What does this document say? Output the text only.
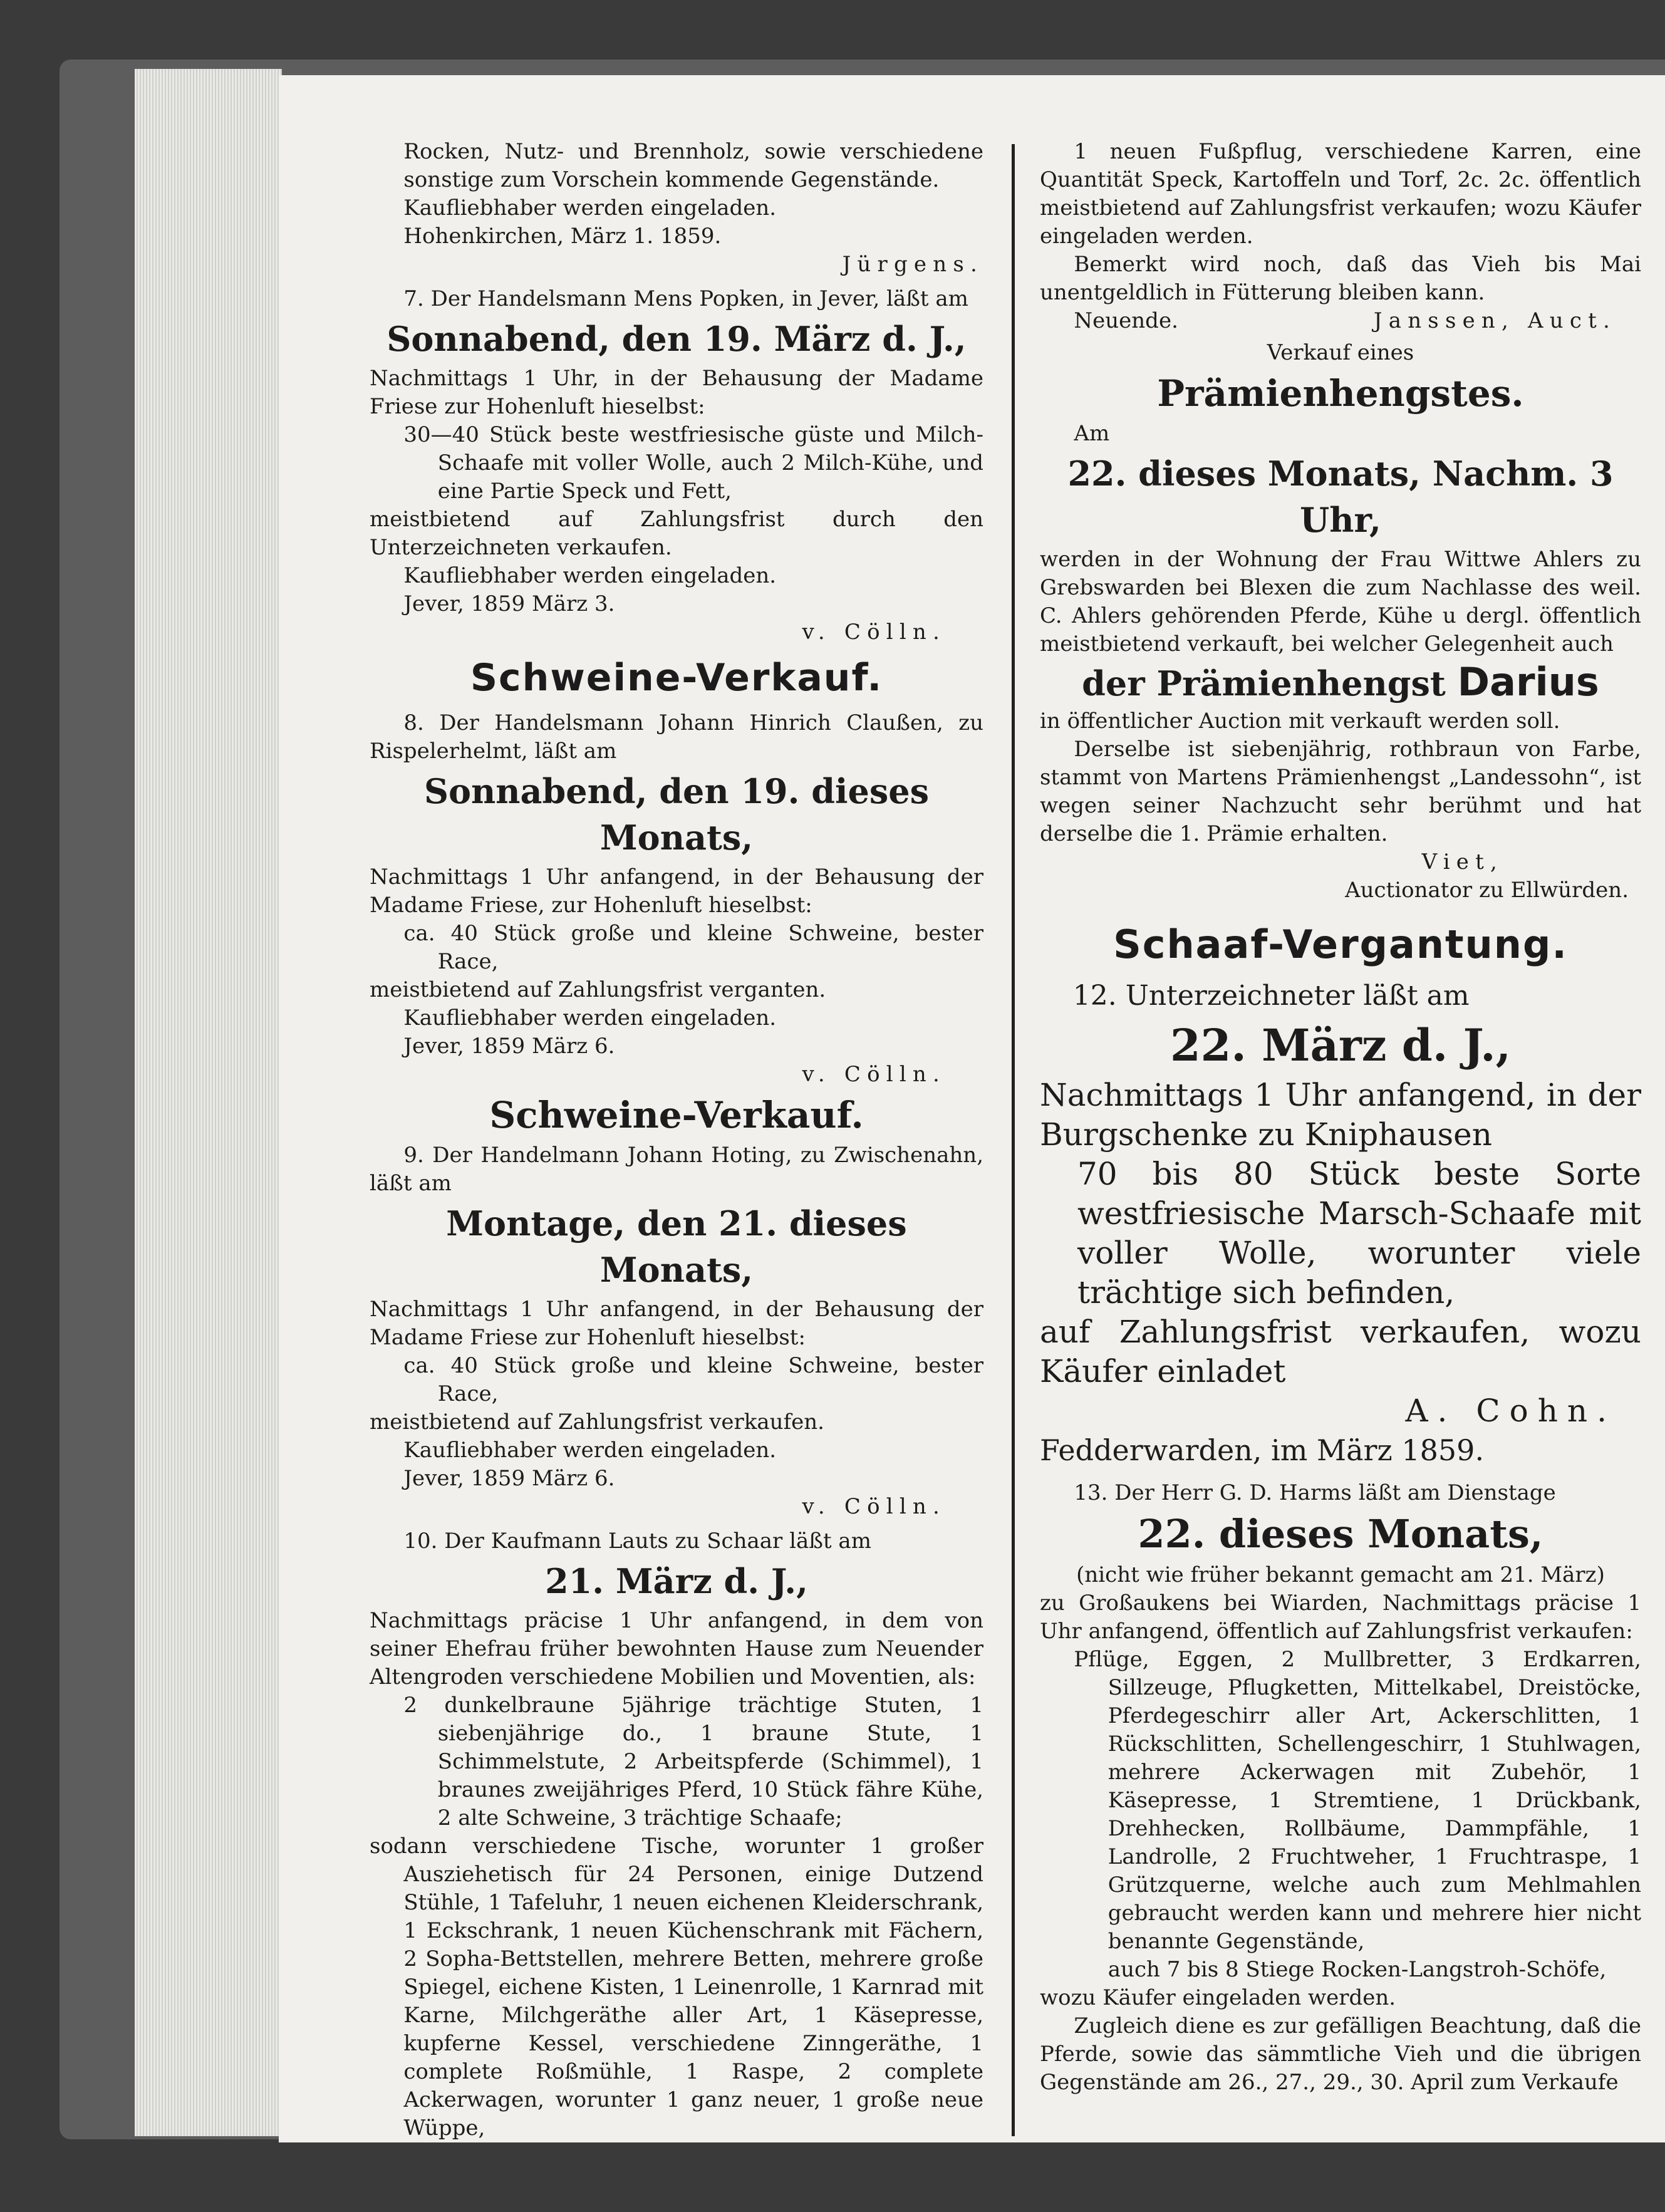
Rocken, Nutz- und Brennholz, sowie verschiedene sonstige zum Vorschein kommende Gegenstände.

Kaufliebhaber werden eingeladen.

Hohenkirchen, März 1. 1859.

Jürgens.

7. Der Handelsmann Mens Popken, in Jever, läßt am

Sonnabend, den 19. März d. J.,

Nachmittags 1 Uhr, in der Behausung der Madame Friese zur Hohenluft hieselbst:

30—40 Stück beste westfriesische güste und Milch-Schaafe mit voller Wolle, auch 2 Milch-Kühe, und eine Partie Speck und Fett,

meistbietend auf Zahlungsfrist durch den Unterzeichneten verkaufen.

Kaufliebhaber werden eingeladen.

Jever, 1859 März 3.

v. Cölln.

Schweine-Verkauf.

8. Der Handelsmann Johann Hinrich Claußen, zu Rispelerhelmt, läßt am

Sonnabend, den 19. dieses Monats,

Nachmittags 1 Uhr anfangend, in der Behausung der Madame Friese, zur Hohenluft hieselbst:

ca. 40 Stück große und kleine Schweine, bester Race,

meistbietend auf Zahlungsfrist verganten.

Kaufliebhaber werden eingeladen.

Jever, 1859 März 6.

v. Cölln.

Schweine-Verkauf.

9. Der Handelmann Johann Hoting, zu Zwischenahn, läßt am

Montage, den 21. dieses Monats,

Nachmittags 1 Uhr anfangend, in der Behausung der Madame Friese zur Hohenluft hieselbst:

ca. 40 Stück große und kleine Schweine, bester Race,

meistbietend auf Zahlungsfrist verkaufen.

Kaufliebhaber werden eingeladen.

Jever, 1859 März 6.

v. Cölln.

10. Der Kaufmann Lauts zu Schaar läßt am

21. März d. J.,

Nachmittags präcise 1 Uhr anfangend, in dem von seiner Ehefrau früher bewohnten Hause zum Neuender Altengroden verschiedene Mobilien und Moventien, als:

2 dunkelbraune 5jährige trächtige Stuten, 1 siebenjährige do., 1 braune Stute, 1 Schimmelstute, 2 Arbeitspferde (Schimmel), 1 braunes zweijähriges Pferd, 10 Stück fähre Kühe, 2 alte Schweine, 3 trächtige Schaafe;

sodann verschiedene Tische, worunter 1 großer Ausziehetisch für 24 Personen, einige Dutzend Stühle, 1 Tafeluhr, 1 neuen eichenen Kleiderschrank, 1 Eckschrank, 1 neuen Küchenschrank mit Fächern, 2 Sopha-Bettstellen, mehrere Betten, mehrere große Spiegel, eichene Kisten, 1 Leinenrolle, 1 Karnrad mit Karne, Milchgeräthe aller Art, 1 Käsepresse, kupferne Kessel, verschiedene Zinngeräthe, 1 complete Roßmühle, 1 Raspe, 2 complete Ackerwagen, worunter 1 ganz neuer, 1 große neue Wüppe,

1 neuen Fußpflug, verschiedene Karren, eine Quantität Speck, Kartoffeln und Torf, 2c. 2c. öffentlich meistbietend auf Zahlungsfrist verkaufen; wozu Käufer eingeladen werden.

Bemerkt wird noch, daß das Vieh bis Mai unentgeldlich in Fütterung bleiben kann.

Neuende.	Janssen, Auct.

Verkauf eines

Prämienhengstes.

Am

22. dieses Monats, Nachm. 3 Uhr,

werden in der Wohnung der Frau Wittwe Ahlers zu Grebswarden bei Blexen die zum Nachlasse des weil. C. Ahlers gehörenden Pferde, Kühe u dergl. öffentlich meistbietend verkauft, bei welcher Gelegenheit auch

der Prämienhengst Darius

in öffentlicher Auction mit verkauft werden soll.

Derselbe ist siebenjährig, rothbraun von Farbe, stammt von Martens Prämienhengst „Landessohn“, ist wegen seiner Nachzucht sehr berühmt und hat derselbe die 1. Prämie erhalten.

Viet,

Auctionator zu Ellwürden.

Schaaf-Vergantung.

12. Unterzeichneter läßt am

22. März d. J.,

Nachmittags 1 Uhr anfangend, in der Burgschenke zu Kniphausen

70 bis 80 Stück beste Sorte westfriesische Marsch-Schaafe mit voller Wolle, worunter viele trächtige sich befinden,

auf Zahlungsfrist verkaufen, wozu Käufer einladet

A. Cohn.

Fedderwarden, im März 1859.

13. Der Herr G. D. Harms läßt am Dienstage

22. dieses Monats,

(nicht wie früher bekannt gemacht am 21. März)

zu Großaukens bei Wiarden, Nachmittags präcise 1 Uhr anfangend, öffentlich auf Zahlungsfrist verkaufen:

Pflüge, Eggen, 2 Mullbretter, 3 Erdkarren, Sillzeuge, Pflugketten, Mittelkabel, Dreistöcke, Pferdegeschirr aller Art, Ackerschlitten, 1 Rückschlitten, Schellengeschirr, 1 Stuhlwagen, mehrere Ackerwagen mit Zubehör, 1 Käsepresse, 1 Stremtiene, 1 Drückbank, Drehhecken, Rollbäume, Dammpfähle, 1 Landrolle, 2 Fruchtweher, 1 Fruchtraspe, 1 Grützquerne, welche auch zum Mehlmahlen gebraucht werden kann und mehrere hier nicht benannte Gegenstände,

auch 7 bis 8 Stiege Rocken-Langstroh-Schöfe,

wozu Käufer eingeladen werden.

Zugleich diene es zur gefälligen Beachtung, daß die Pferde, sowie das sämmtliche Vieh und die übrigen Gegenstände am 26., 27., 29., 30. April zum Verkaufe
